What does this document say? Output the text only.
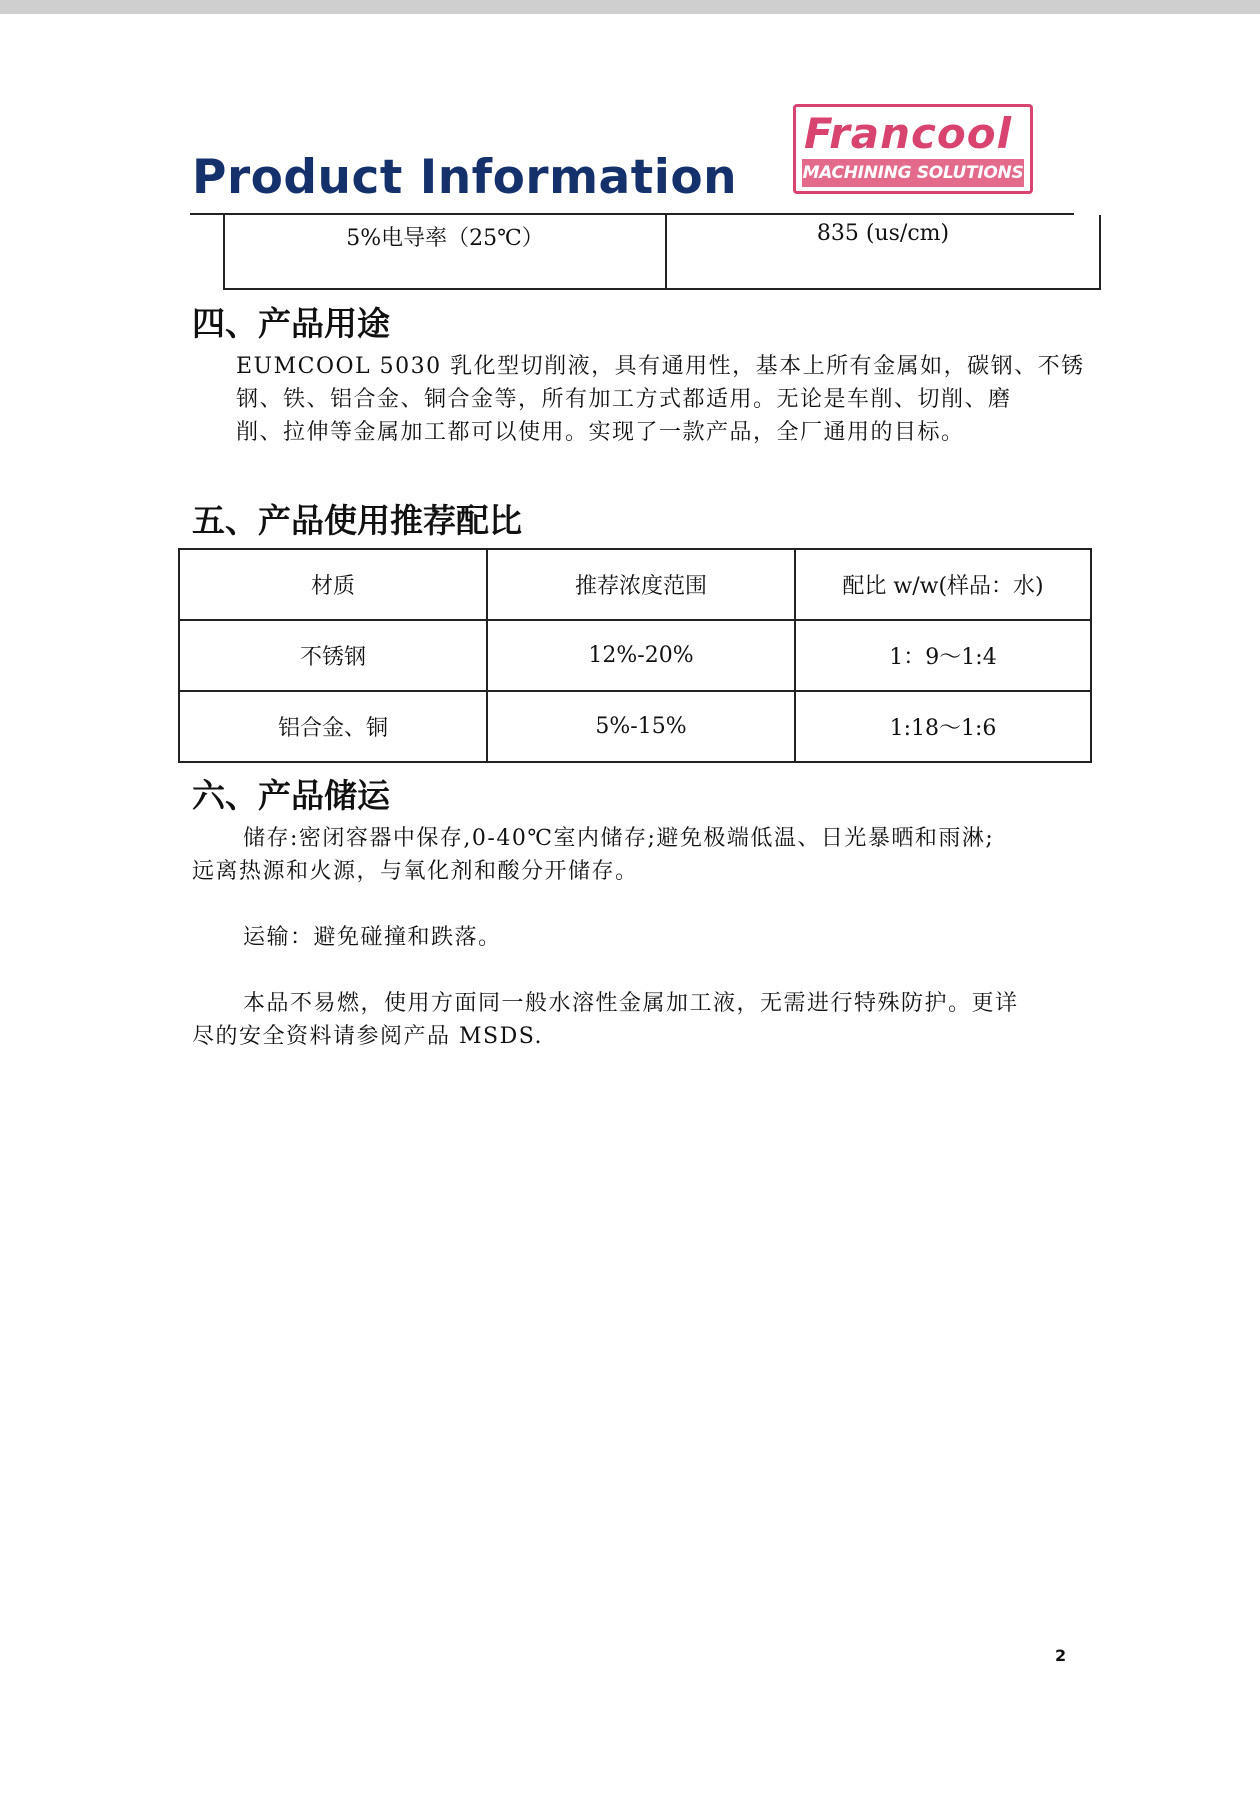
Product Information

Francool

MACHINING SOLUTIONS
5%电导率（25℃）	835 (us/cm)
四、产品用途

EUMCOOL 5030 乳化型切削液，具有通用性，基本上所有金属如，碳钢、不锈

钢、铁、铝合金、铜合金等，所有加工方式都适用。无论是车削、切削、磨

削、拉伸等金属加工都可以使用。实现了一款产品，全厂通用的目标。

五、产品使用推荐配比
材质	推荐浓度范围	配比 w/w(样品：水)
不锈钢	12%-20%	1：9～1:4
铝合金、铜	5%-15%	1:18～1:6
六、产品储运

储存:密闭容器中保存,0-40℃室内储存;避免极端低温、日光暴晒和雨淋;

远离热源和火源，与氧化剂和酸分开储存。

运输：避免碰撞和跌落。

本品不易燃，使用方面同一般水溶性金属加工液，无需进行特殊防护。更详

尽的安全资料请参阅产品 MSDS.

2
